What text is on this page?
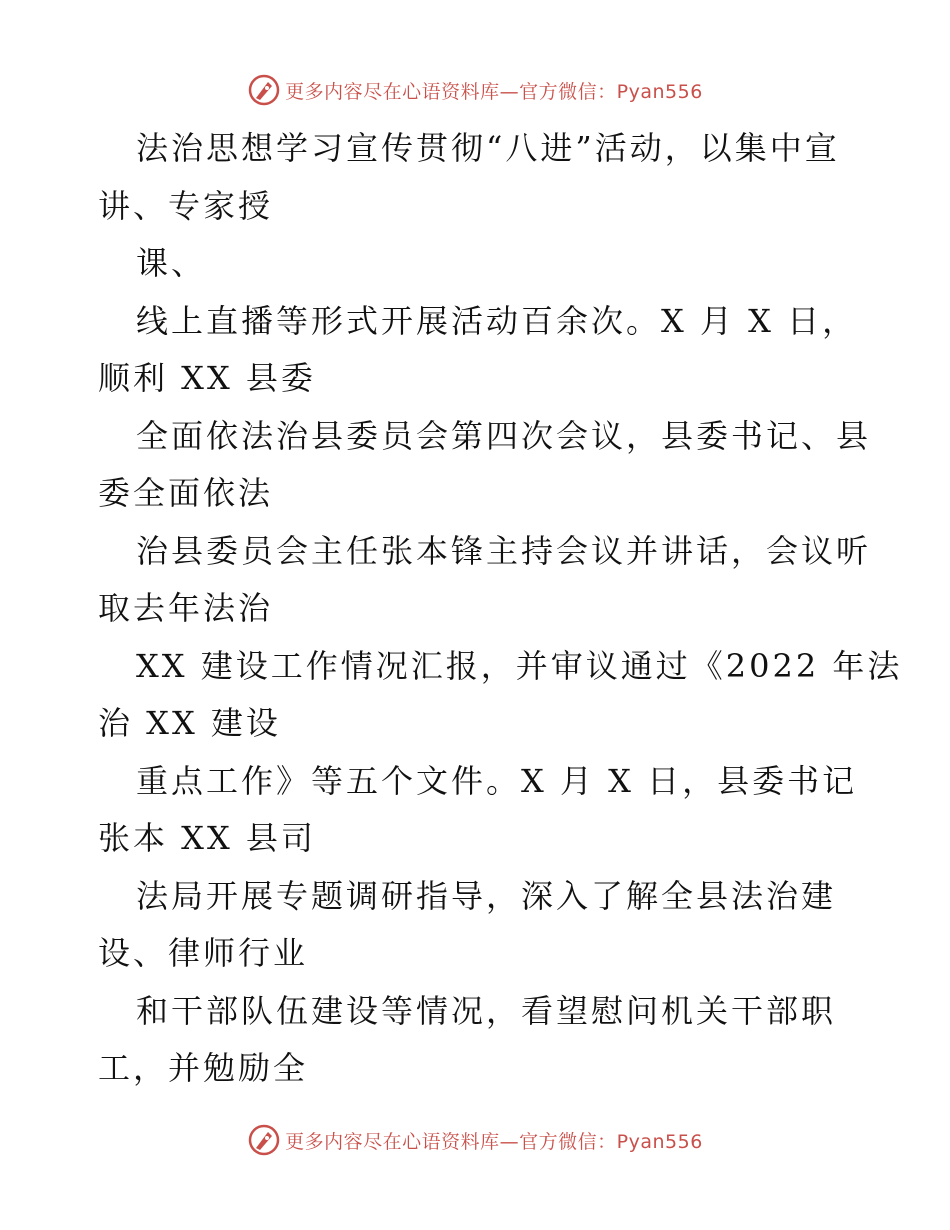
更多内容尽在心语资料库—官方微信：Pyan556

法治思想学习宣传贯彻“八进”活动，以集中宣
讲、专家授

课、

线上直播等形式开展活动百余次。X 月 X 日，
顺利 XX 县委

全面依法治县委员会第四次会议，县委书记、县
委全面依法

治县委员会主任张本锋主持会议并讲话，会议听
取去年法治

XX 建设工作情况汇报，并审议通过《2022 年法
治 XX 建设

重点工作》等五个文件。X 月 X 日，县委书记
张本 XX 县司

法局开展专题调研指导，深入了解全县法治建
设、律师行业

和干部队伍建设等情况，看望慰问机关干部职
工，并勉励全

更多内容尽在心语资料库—官方微信：Pyan556
